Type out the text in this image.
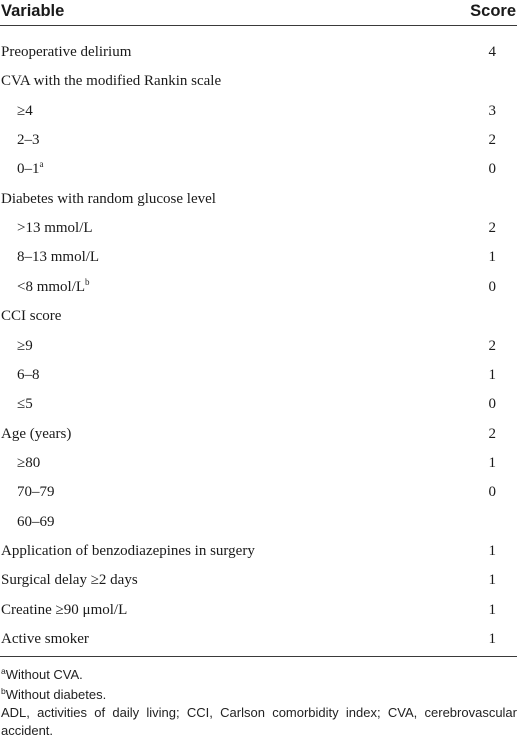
Variable	Score
Preoperative delirium	4
CVA with the modified Rankin scale
≥4	3
2–3	2
0–1$^a$	0
Diabetes with random glucose level
>13 mmol/L	2
8–13 mmol/L	1
<8 mmol/$L^b$	0
CCI score
≥9	2
6–8	1
≤5	0
Age (years)	2
≥80	1
70–79	0
60–69
Application of benzodiazepines in surgery	1
Surgical delay ≥2 days	1
Creatine ≥90 μmol/L	1
Active smoker	1
$^a$Without CVA.
$^b$Without diabetes.
ADL, activities of daily living; CCI, Carlson comorbidity index; CVA, cerebrovascular accident.
